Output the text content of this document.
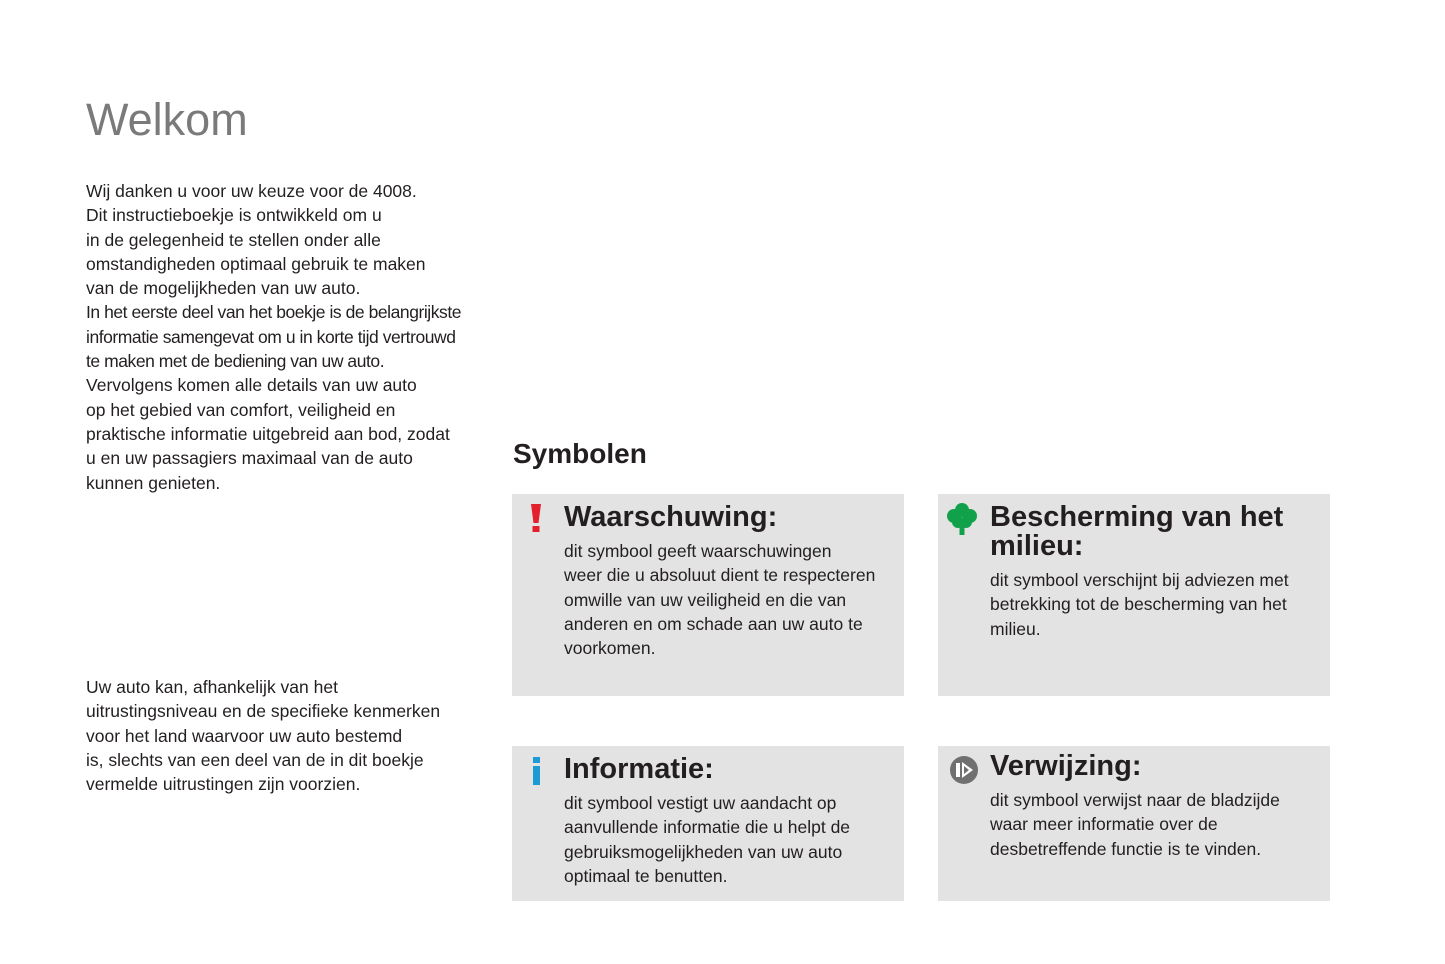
Welkom

Wij danken u voor uw keuze voor de 4008.

Dit instructieboekje is ontwikkeld om u

in de gelegenheid te stellen onder alle

omstandigheden optimaal gebruik te maken

van de mogelijkheden van uw auto.

In het eerste deel van het boekje is de belangrijkste

informatie samengevat om u in korte tijd vertrouwd

te maken met de bediening van uw auto.

Vervolgens komen alle details van uw auto

op het gebied van comfort, veiligheid en

praktische informatie uitgebreid aan bod, zodat

u en uw passagiers maximaal van de auto

kunnen genieten.

Uw auto kan, afhankelijk van het

uitrustingsniveau en de specifieke kenmerken

voor het land waarvoor uw auto bestemd

is, slechts van een deel van de in dit boekje

vermelde uitrustingen zijn voorzien.

Symbolen
Waarschuwing:
dit symbool geeft waarschuwingen
weer die u absoluut dient te respecteren
omwille van uw veiligheid en die van
anderen en om schade aan uw auto te
voorkomen.
Bescherming van het
milieu:
dit symbool verschijnt bij adviezen met
betrekking tot de bescherming van het
milieu.
Informatie:
dit symbool vestigt uw aandacht op
aanvullende informatie die u helpt de
gebruiksmogelijkheden van uw auto
optimaal te benutten.
Verwijzing:
dit symbool verwijst naar de bladzijde
waar meer informatie over de
desbetreffende functie is te vinden.
